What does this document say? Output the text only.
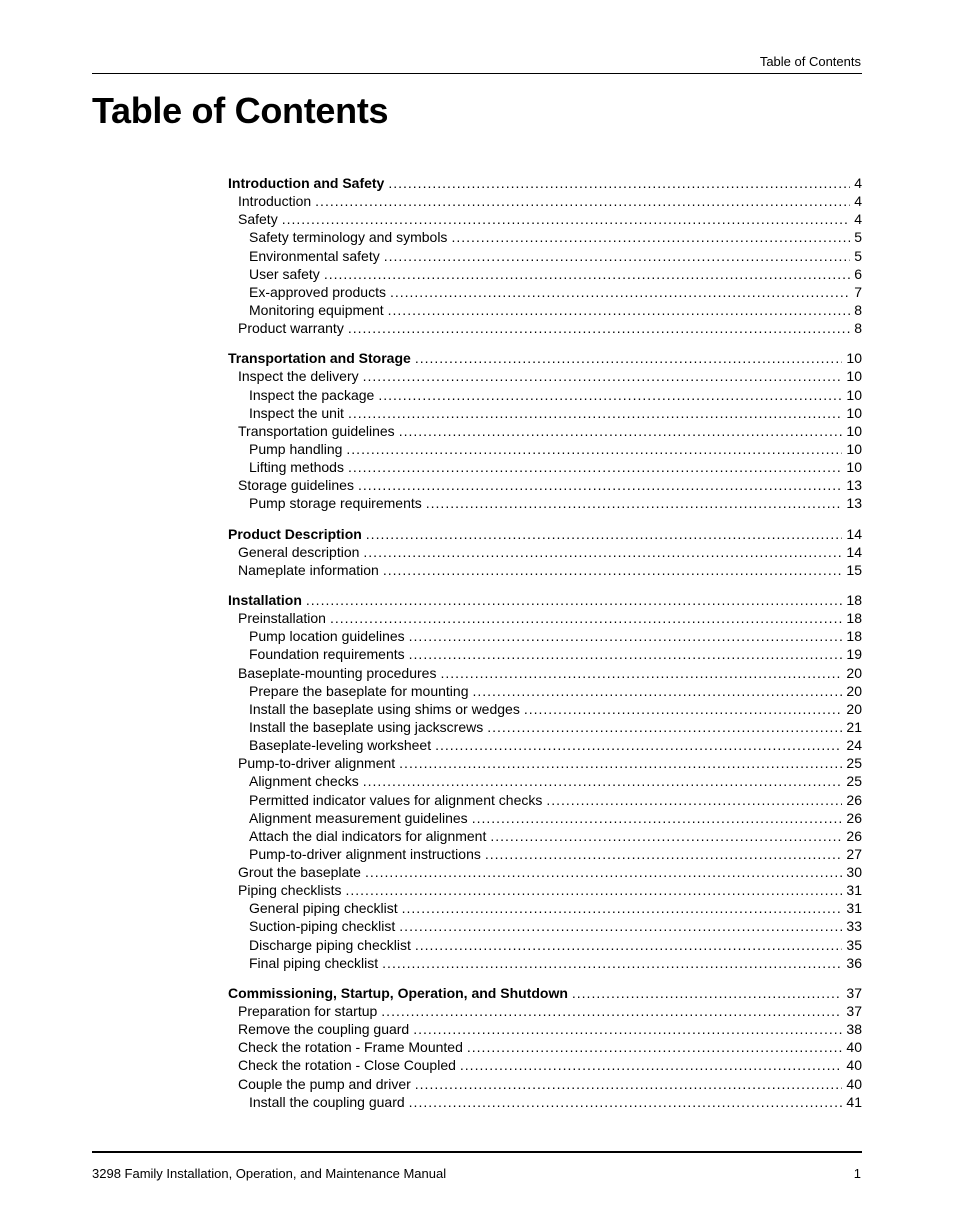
Table of Contents
Table of Contents
Introduction and Safety .....	4
Introduction .....	4
Safety .....	4
Safety terminology and symbols .....	5
Environmental safety .....	5
User safety .....	6
Ex-approved products .....	7
Monitoring equipment .....	8
Product warranty .....	8
Transportation and Storage .....	10
Inspect the delivery .....	10
Inspect the package .....	10
Inspect the unit .....	10
Transportation guidelines .....	10
Pump handling .....	10
Lifting methods .....	10
Storage guidelines .....	13
Pump storage requirements .....	13
Product Description .....	14
General description .....	14
Nameplate information .....	15
Installation .....	18
Preinstallation .....	18
Pump location guidelines .....	18
Foundation requirements .....	19
Baseplate-mounting procedures .....	20
Prepare the baseplate for mounting .....	20
Install the baseplate using shims or wedges .....	20
Install the baseplate using jackscrews .....	21
Baseplate-leveling worksheet .....	24
Pump-to-driver alignment .....	25
Alignment checks .....	25
Permitted indicator values for alignment checks .....	26
Alignment measurement guidelines .....	26
Attach the dial indicators for alignment .....	26
Pump-to-driver alignment instructions .....	27
Grout the baseplate .....	30
Piping checklists .....	31
General piping checklist .....	31
Suction-piping checklist .....	33
Discharge piping checklist .....	35
Final piping checklist .....	36
Commissioning, Startup, Operation, and Shutdown .....	37
Preparation for startup .....	37
Remove the coupling guard .....	38
Check the rotation - Frame Mounted .....	40
Check the rotation - Close Coupled .....	40
Couple the pump and driver .....	40
Install the coupling guard .....	41
3298 Family Installation, Operation, and Maintenance Manual	1
